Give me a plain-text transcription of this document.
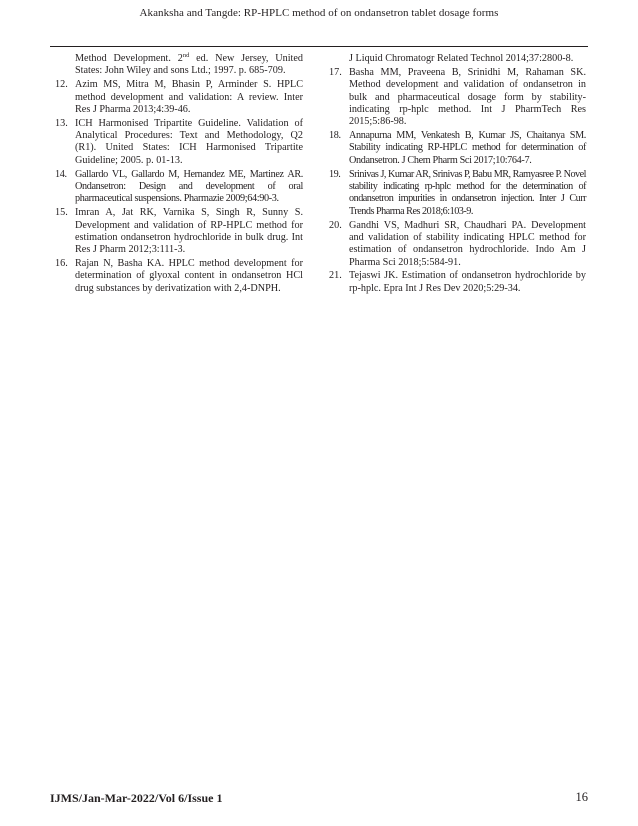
Akanksha and Tangde: RP-HPLC method of on ondansetron tablet dosage forms
Method Development. 2nd ed. New Jersey, United States: John Wiley and sons Ltd.; 1997. p. 685-709.
12. Azim MS, Mitra M, Bhasin P, Arminder S. HPLC method development and validation: A review. Inter Res J Pharma 2013;4:39-46.
13. ICH Harmonised Tripartite Guideline. Validation of Analytical Procedures: Text and Methodology, Q2 (R1). United States: ICH Harmonised Tripartite Guideline; 2005. p. 01-13.
14. Gallardo VL, Gallardo M, Hernandez ME, Martinez AR. Ondansetron: Design and development of oral pharmaceutical suspensions. Pharmazie 2009;64:90-3.
15. Imran A, Jat RK, Varnika S, Singh R, Sunny S. Development and validation of RP-HPLC method for estimation ondansetron hydrochloride in bulk drug. Int Res J Pharm 2012;3:111-3.
16. Rajan N, Basha KA. HPLC method development for determination of glyoxal content in ondansetron HCl drug substances by derivatization with 2,4-DNPH.
J Liquid Chromatogr Related Technol 2014;37:2800-8.
17. Basha MM, Praveena B, Srinidhi M, Rahaman SK. Method development and validation of ondansetron in bulk and pharmaceutical dosage form by stability-indicating rp-hplc method. Int J PharmTech Res 2015;5:86-98.
18. Annapurna MM, Venkatesh B, Kumar JS, Chaitanya SM. Stability indicating RP-HPLC method for determination of Ondansetron. J Chem Pharm Sci 2017;10:764-7.
19. Srinivas J, Kumar AR, Srinivas P, Babu MR, Ramyasree P. Novel stability indicating rp-hplc method for the determination of ondansetron impurities in ondansetron injection. Inter J Curr Trends Pharma Res 2018;6:103-9.
20. Gandhi VS, Madhuri SR, Chaudhari PA. Development and validation of stability indicating HPLC method for estimation of ondansetron hydrochloride. Indo Am J Pharma Sci 2018;5:584-91.
21. Tejaswi JK. Estimation of ondansetron hydrochloride by rp-hplc. Epra Int J Res Dev 2020;5:29-34.
IJMS/Jan-Mar-2022/Vol 6/Issue 1	16
